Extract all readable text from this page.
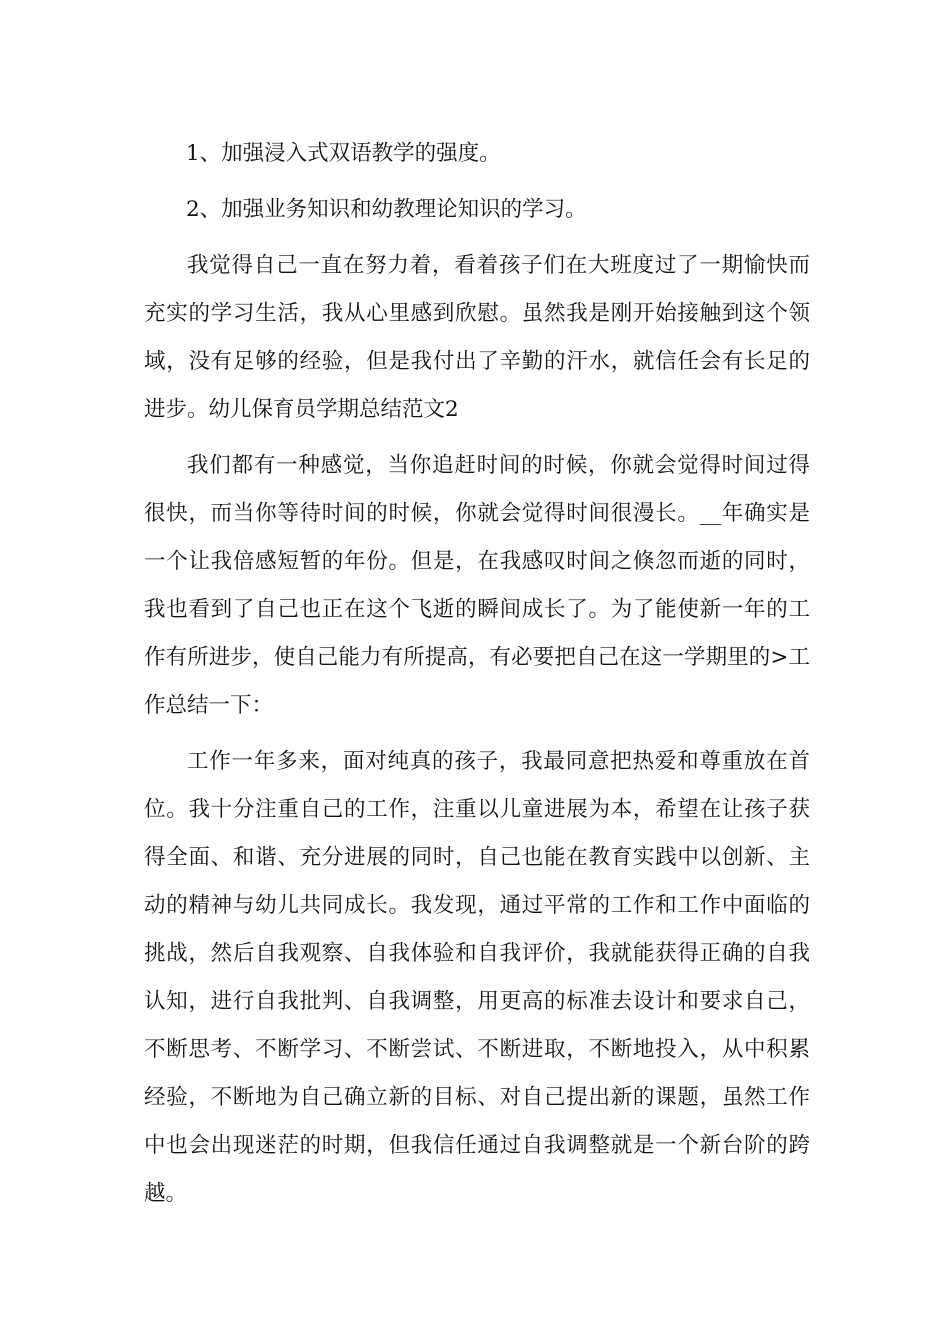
1、加强浸入式双语教学的强度。

2、加强业务知识和幼教理论知识的学习。

我觉得自己一直在努力着，看着孩子们在大班度过了一期愉快而充实的学习生活，我从心里感到欣慰。虽然我是刚开始接触到这个领域，没有足够的经验，但是我付出了辛勤的汗水，就信任会有长足的进步。幼儿保育员学期总结范文2

我们都有一种感觉，当你追赶时间的时候，你就会觉得时间过得很快，而当你等待时间的时候，你就会觉得时间很漫长。__年确实是一个让我倍感短暂的年份。但是，在我感叹时间之倏忽而逝的同时，我也看到了自己也正在这个飞逝的瞬间成长了。为了能使新一年的工作有所进步，使自己能力有所提高，有必要把自己在这一学期里的>工作总结一下：

工作一年多来，面对纯真的孩子，我最同意把热爱和尊重放在首位。我十分注重自己的工作，注重以儿童进展为本，希望在让孩子获得全面、和谐、充分进展的同时，自己也能在教育实践中以创新、主动的精神与幼儿共同成长。我发现，通过平常的工作和工作中面临的挑战，然后自我观察、自我体验和自我评价，我就能获得正确的自我认知，进行自我批判、自我调整，用更高的标准去设计和要求自己，不断思考、不断学习、不断尝试、不断进取，不断地投入，从中积累经验，不断地为自己确立新的目标、对自己提出新的课题，虽然工作中也会出现迷茫的时期，但我信任通过自我调整就是一个新台阶的跨越。
